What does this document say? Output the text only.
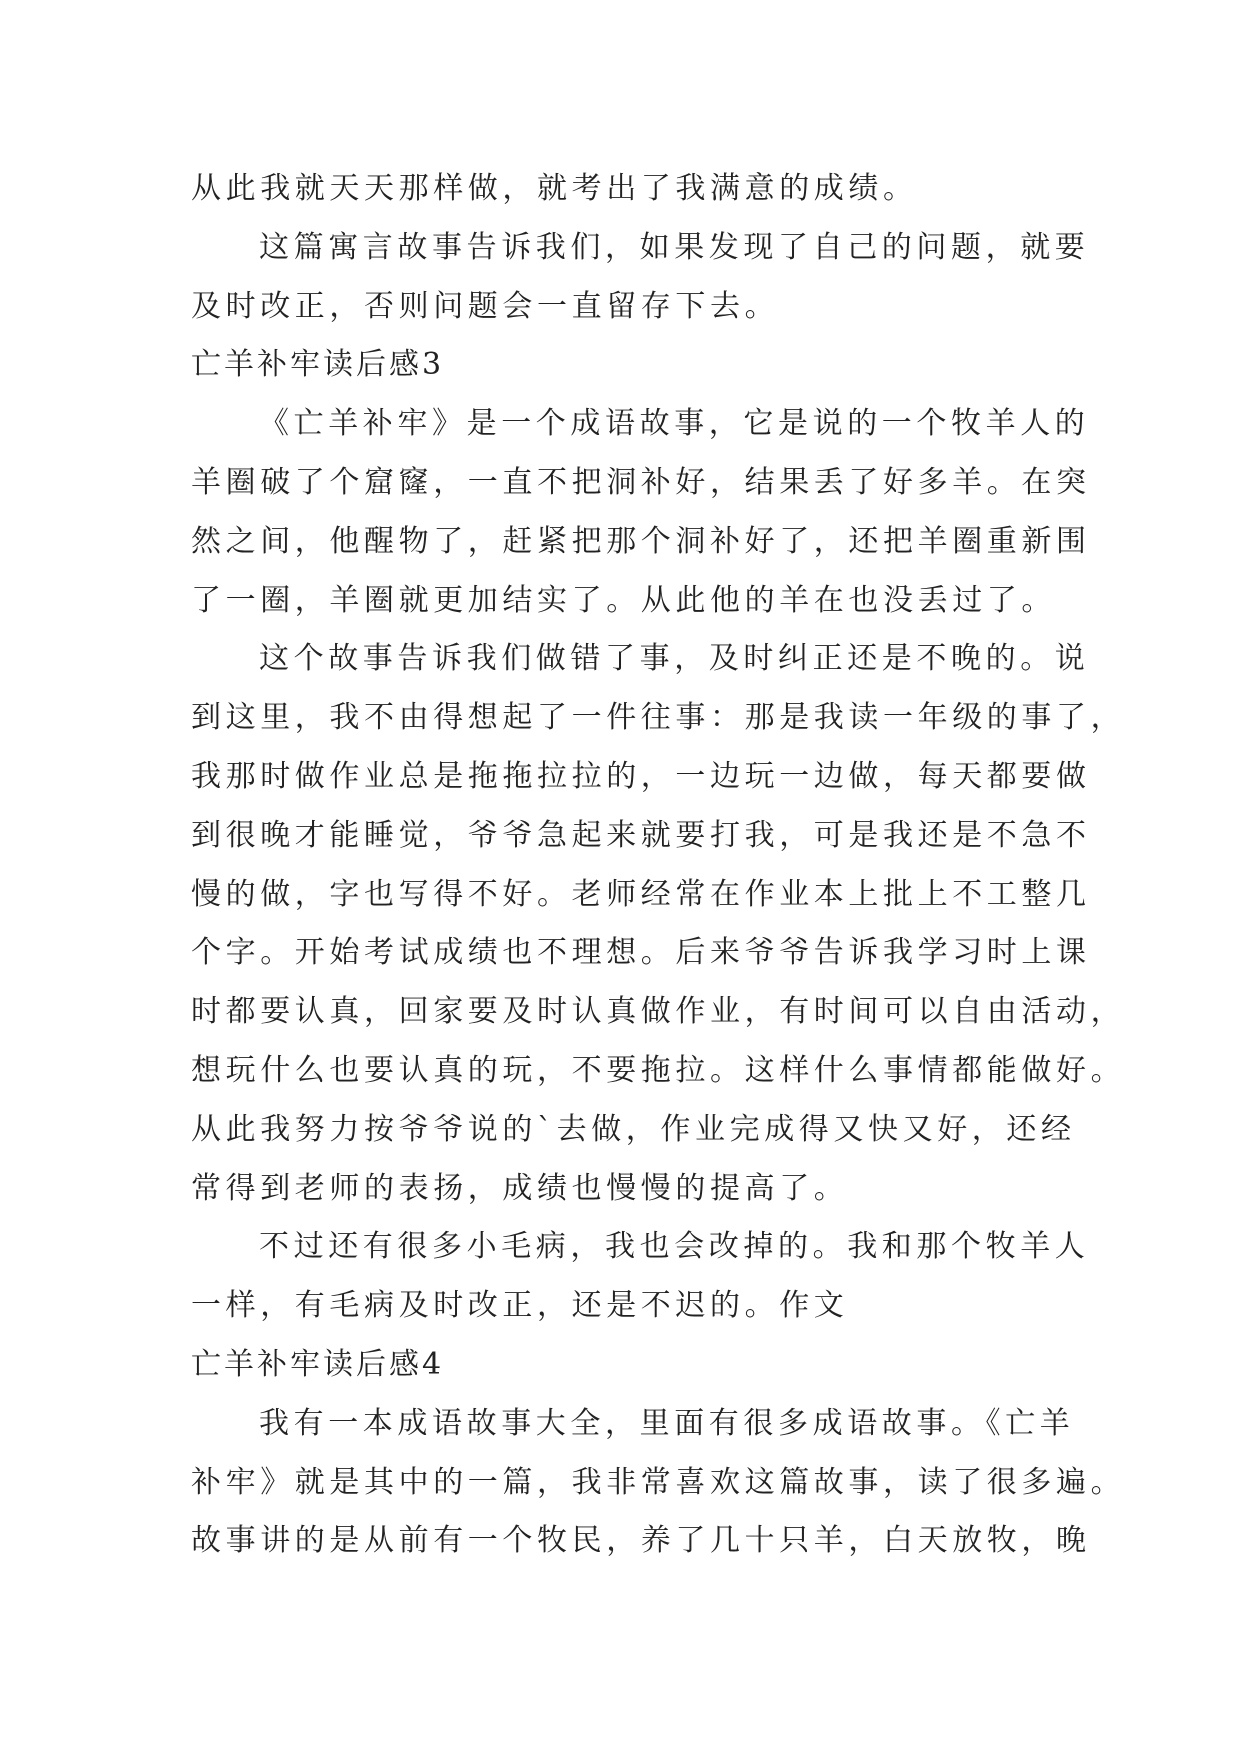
从此我就天天那样做，就考出了我满意的成绩。
这篇寓言故事告诉我们，如果发现了自己的问题，就要
及时改正，否则问题会一直留存下去。
亡羊补牢读后感3
《亡羊补牢》是一个成语故事，它是说的一个牧羊人的
羊圈破了个窟窿，一直不把洞补好，结果丢了好多羊。在突
然之间，他醒物了，赶紧把那个洞补好了，还把羊圈重新围
了一圈，羊圈就更加结实了。从此他的羊在也没丢过了。
这个故事告诉我们做错了事，及时纠正还是不晚的。说
到这里，我不由得想起了一件往事：那是我读一年级的事了，
我那时做作业总是拖拖拉拉的，一边玩一边做，每天都要做
到很晚才能睡觉，爷爷急起来就要打我，可是我还是不急不
慢的做，字也写得不好。老师经常在作业本上批上不工整几
个字。开始考试成绩也不理想。后来爷爷告诉我学习时上课
时都要认真，回家要及时认真做作业，有时间可以自由活动，
想玩什么也要认真的玩，不要拖拉。这样什么事情都能做好。
从此我努力按爷爷说的`去做，作业完成得又快又好，还经
常得到老师的表扬，成绩也慢慢的提高了。
不过还有很多小毛病，我也会改掉的。我和那个牧羊人
一样，有毛病及时改正，还是不迟的。作文
亡羊补牢读后感4
我有一本成语故事大全，里面有很多成语故事。《亡羊
补牢》就是其中的一篇，我非常喜欢这篇故事，读了很多遍。
故事讲的是从前有一个牧民，养了几十只羊，白天放牧，晚
